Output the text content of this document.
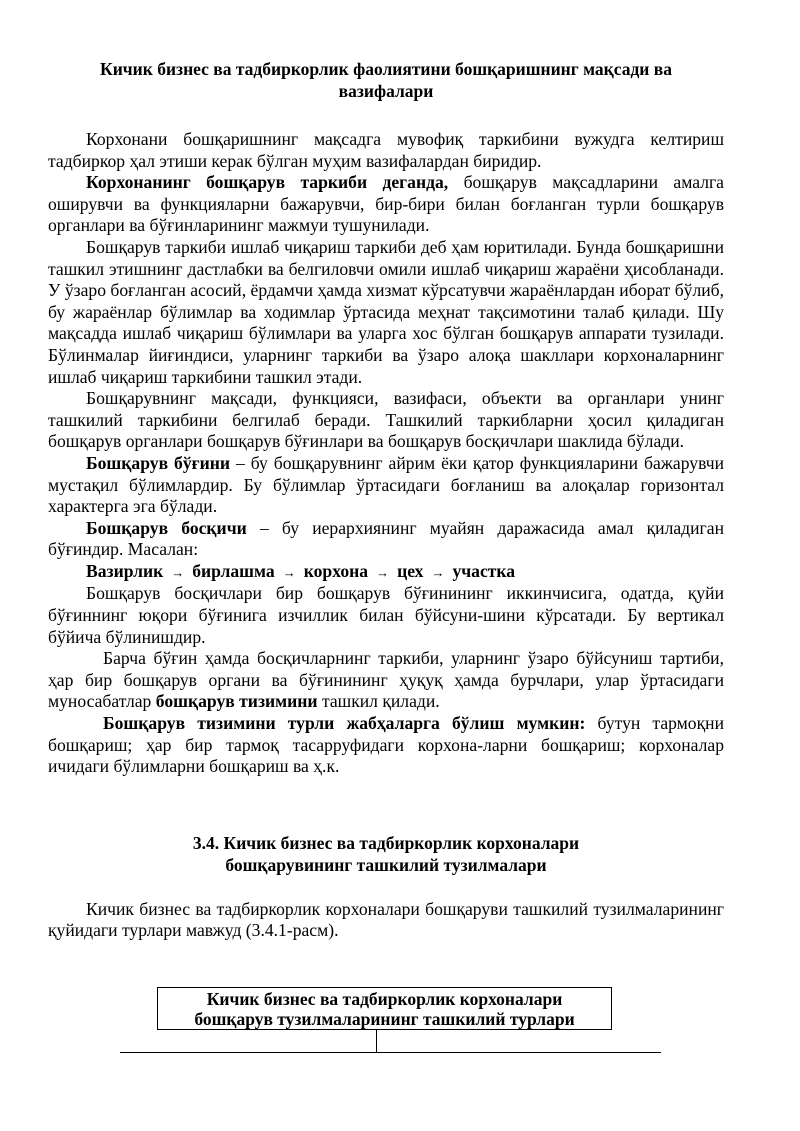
Кичик бизнес ва тадбиркорлик фаолиятини бошқаришнинг мақсади ва
вазифалари

Корхонани бошқаришнинг мақсадга мувофиқ таркибини вужудга келтириш тадбиркор ҳал этиши керак бўлган муҳим вазифалардан биридир.

Корхонанинг бошқарув таркиби деганда, бошқарув мақсадларини амалга оширувчи ва функцияларни бажарувчи, бир-бири билан боғланган турли бошқарув органлари ва бўғинларининг мажмуи тушунилади.

Бошқарув таркиби ишлаб чиқариш таркиби деб ҳам юритилади. Бунда бошқаришни ташкил этишнинг дастлабки ва белгиловчи омили ишлаб чиқариш жараёни ҳисобланади. У ўзаро боғланган асосий, ёрдамчи ҳамда хизмат кўрсатувчи жараёнлардан иборат бўлиб, бу жараёнлар бўлимлар ва ходимлар ўртасида меҳнат тақсимотини талаб қилади. Шу мақсадда ишлаб чиқариш бўлимлари ва уларга хос бўлган бошқарув аппарати тузилади. Бўлинмалар йиғиндиси, уларнинг таркиби ва ўзаро алоқа шакллари корхоналарнинг ишлаб чиқариш таркибини ташкил этади.

Бошқарувнинг мақсади, функцияси, вазифаси, объекти ва органлари унинг ташкилий таркибини белгилаб беради. Ташкилий таркибларни ҳосил қиладиган бошқарув органлари бошқарув бўғинлари ва бошқарув босқичлари шаклида бўлади.

Бошқарув бўғини – бу бошқарувнинг айрим ёки қатор функцияларини бажарувчи мустақил бўлимлардир. Бу бўлимлар ўртасидаги боғланиш ва алоқалар горизонтал характерга эга бўлади.

Бошқарув босқичи – бу иерархиянинг муайян даражасида амал қиладиган бўғиндир. Масалан:

Вазирлик → бирлашма → корхона → цех → участка

Бошқарув босқичлари бир бошқарув бўғинининг иккинчисига, одатда, қуйи бўғиннинг юқори бўғинига изчиллик билан бўйсуни-шини кўрсатади. Бу вертикал бўйича бўлинишдир.

Барча бўғин ҳамда босқичларнинг таркиби, уларнинг ўзаро бўйсуниш тартиби, ҳар бир бошқарув органи ва бўғинининг ҳуқуқ ҳамда бурчлари, улар ўртасидаги муносабатлар бошқарув тизимини ташкил қилади.

Бошқарув тизимини турли жабҳаларга бўлиш мумкин: бутун тармоқни бошқариш; ҳар бир тармоқ тасарруфидаги корхона-ларни бошқариш; корхоналар ичидаги бўлимларни бошқариш ва ҳ.к.

3.4. Кичик бизнес ва тадбиркорлик корхоналари
бошқарувининг ташкилий тузилмалари

Кичик бизнес ва тадбиркорлик корхоналари бошқаруви ташкилий тузилмаларининг қуйидаги турлари мавжуд (3.4.1-расм).

Кичик бизнес ва тадбиркорлик корхоналари
бошқарув тузилмаларининг ташкилий турлари
